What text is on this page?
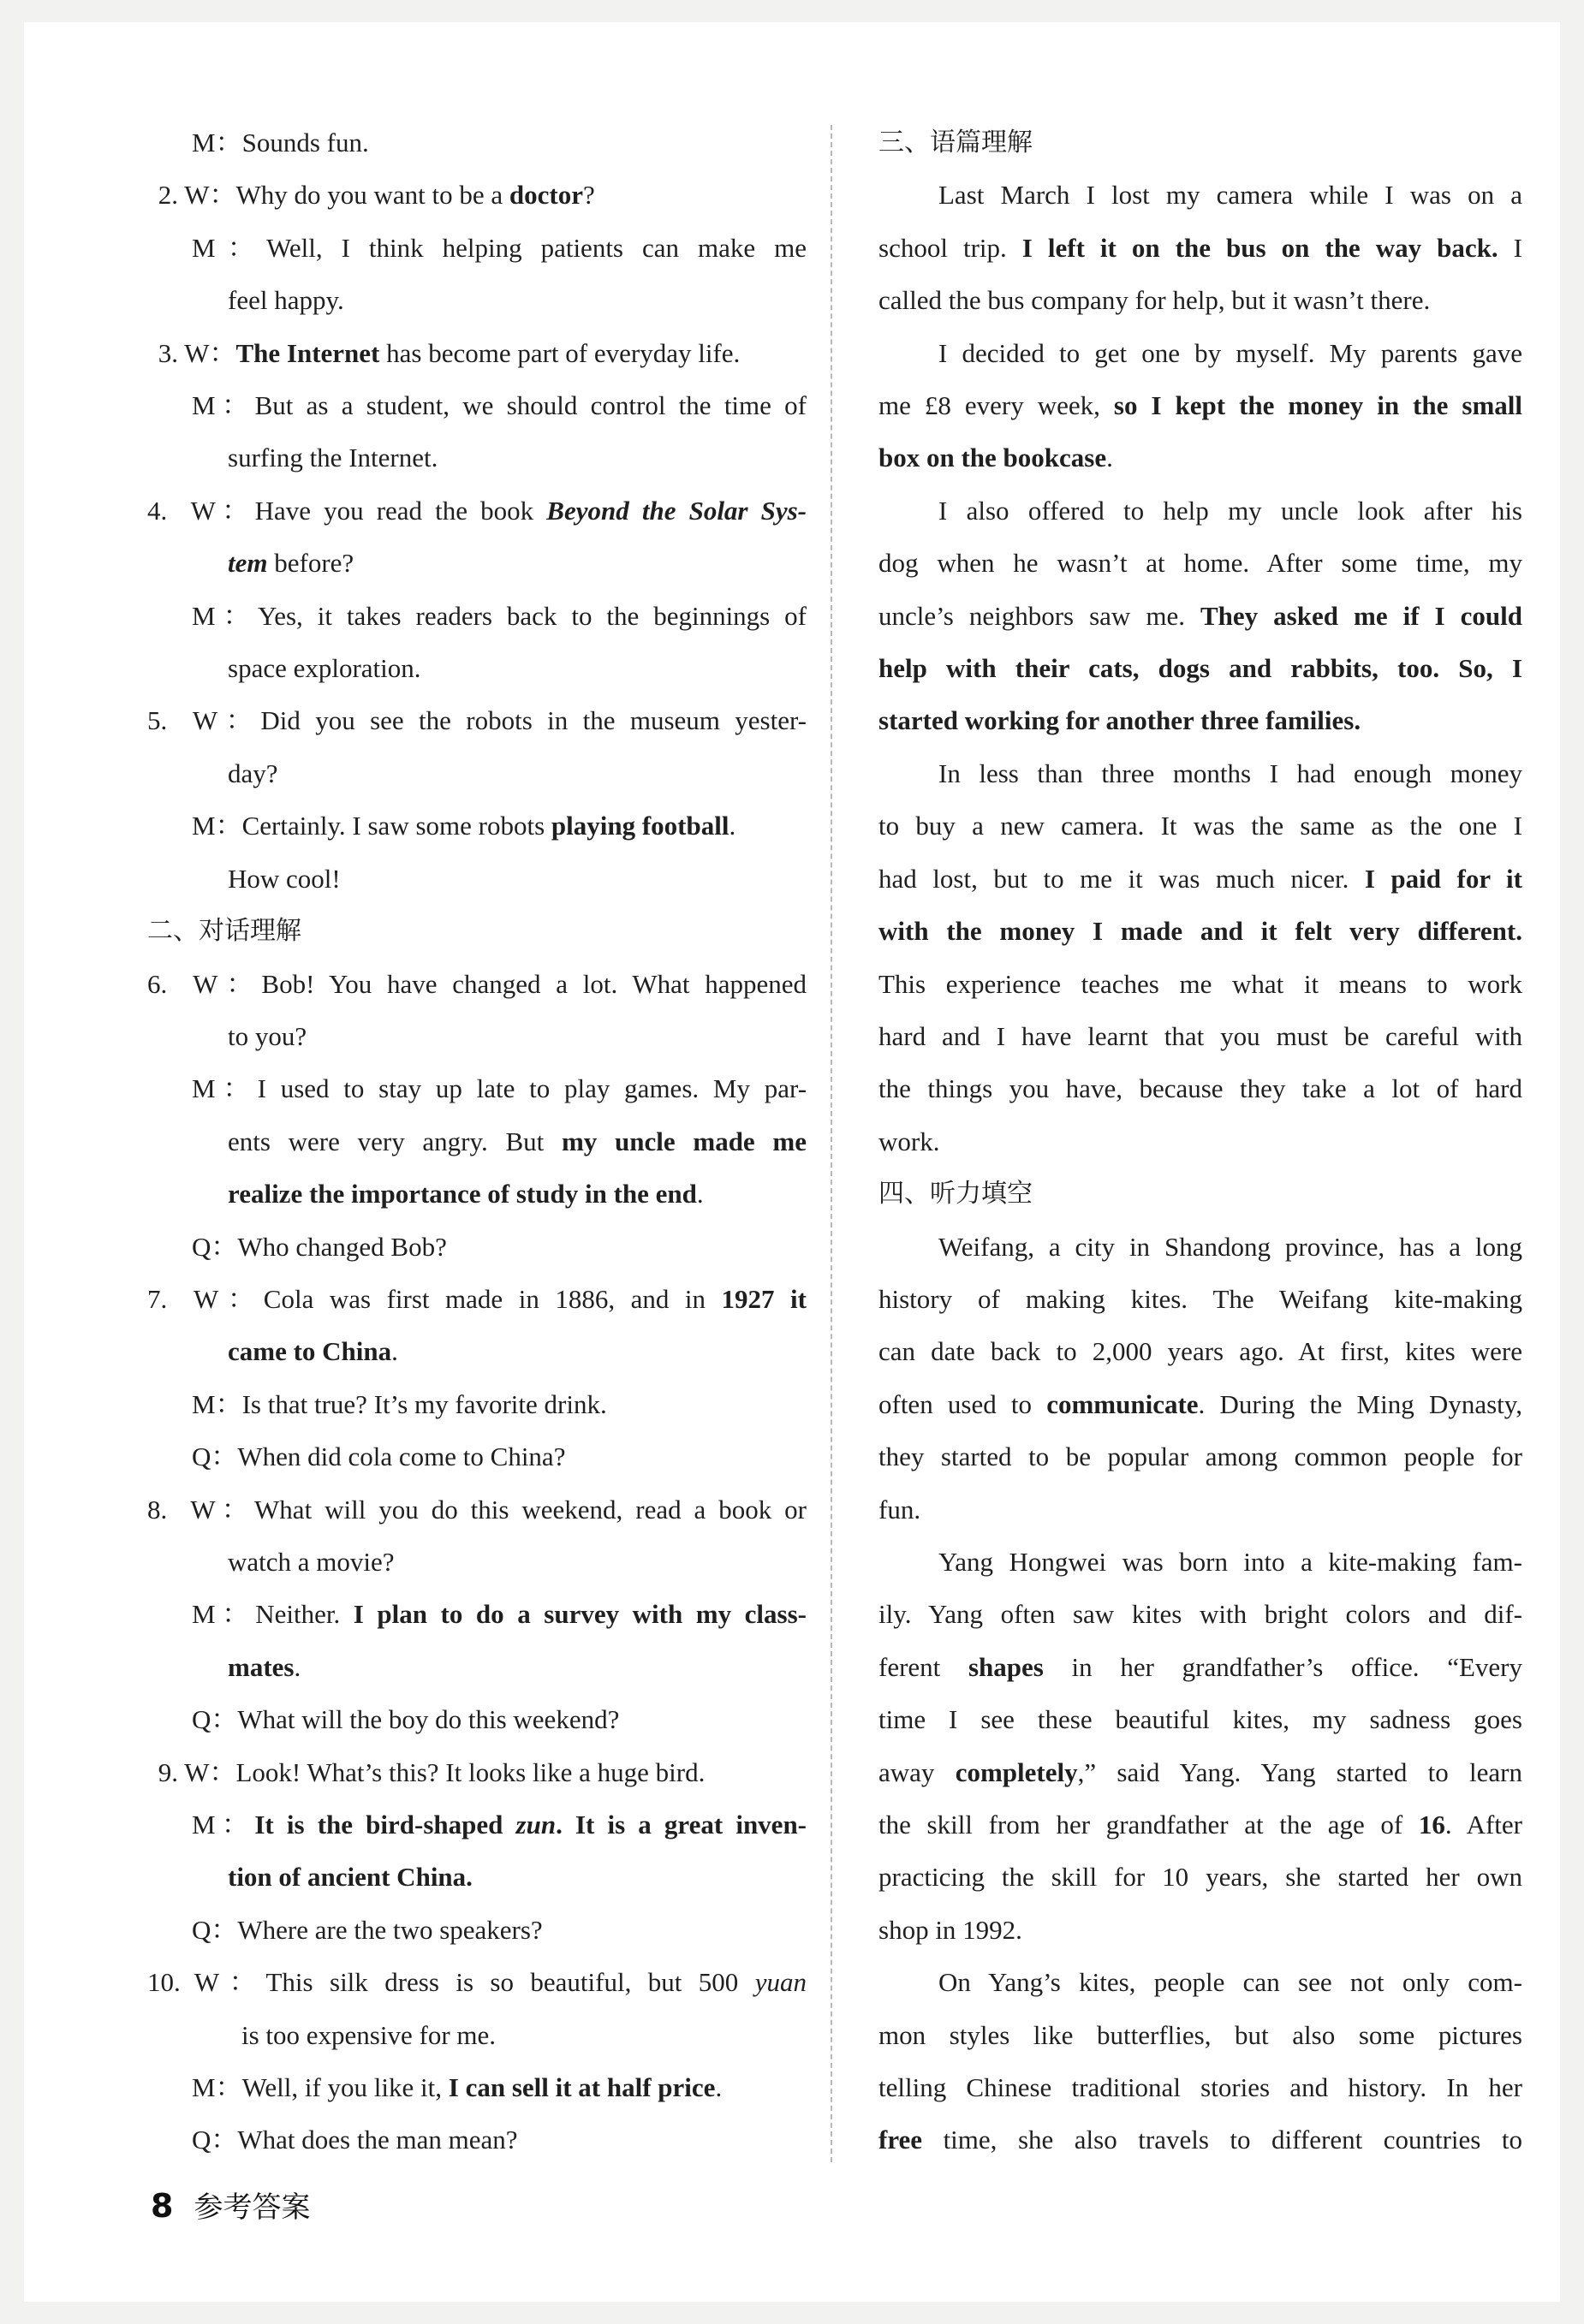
M：Sounds fun.

2. W：Why do you want to be a doctor?

M：Well, I think helping patients can make me

feel happy.

3. W：The Internet has become part of everyday life.

M：But as a student, we should control the time of

surfing the Internet.

4. W：Have you read the book Beyond the Solar Sys-

tem before?

M：Yes, it takes readers back to the beginnings of

space exploration.

5. W：Did you see the robots in the museum yester-

day?

M：Certainly. I saw some robots playing football.

How cool!

二、对话理解

6. W：Bob! You have changed a lot. What happened

to you?

M：I used to stay up late to play games. My par-

ents were very angry. But my uncle made me

realize the importance of study in the end.

Q：Who changed Bob?

7. W：Cola was first made in 1886, and in 1927 it

came to China.

M：Is that true? It’s my favorite drink.

Q：When did cola come to China?

8. W：What will you do this weekend, read a book or

watch a movie?

M：Neither. I plan to do a survey with my class-

mates.

Q：What will the boy do this weekend?

9. W：Look! What’s this? It looks like a huge bird.

M：It is the bird-shaped zun. It is a great inven-

tion of ancient China.

Q：Where are the two speakers?

10. W：This silk dress is so beautiful, but 500 yuan

is too expensive for me.

M：Well, if you like it, I can sell it at half price.

Q：What does the man mean?

三、语篇理解

Last March I lost my camera while I was on a

school trip. I left it on the bus on the way back. I

called the bus company for help, but it wasn’t there.

I decided to get one by myself. My parents gave

me £8 every week, so I kept the money in the small

box on the bookcase.

I also offered to help my uncle look after his

dog when he wasn’t at home. After some time, my

uncle’s neighbors saw me. They asked me if I could

help with their cats, dogs and rabbits, too. So, I

started working for another three families.

In less than three months I had enough money

to buy a new camera. It was the same as the one I

had lost, but to me it was much nicer. I paid for it

with the money I made and it felt very different.

This experience teaches me what it means to work

hard and I have learnt that you must be careful with

the things you have, because they take a lot of hard

work.

四、听力填空

Weifang, a city in Shandong province, has a long

history of making kites. The Weifang kite-making

can date back to 2,000 years ago. At first, kites were

often used to communicate. During the Ming Dynasty,

they started to be popular among common people for

fun.

Yang Hongwei was born into a kite-making fam-

ily. Yang often saw kites with bright colors and dif-

ferent shapes in her grandfather’s office. “Every

time I see these beautiful kites, my sadness goes

away completely,” said Yang. Yang started to learn

the skill from her grandfather at the age of 16. After

practicing the skill for 10 years, she started her own

shop in 1992.

On Yang’s kites, people can see not only com-

mon styles like butterflies, but also some pictures

telling Chinese traditional stories and history. In her

free time, she also travels to different countries to

8 参考答案
